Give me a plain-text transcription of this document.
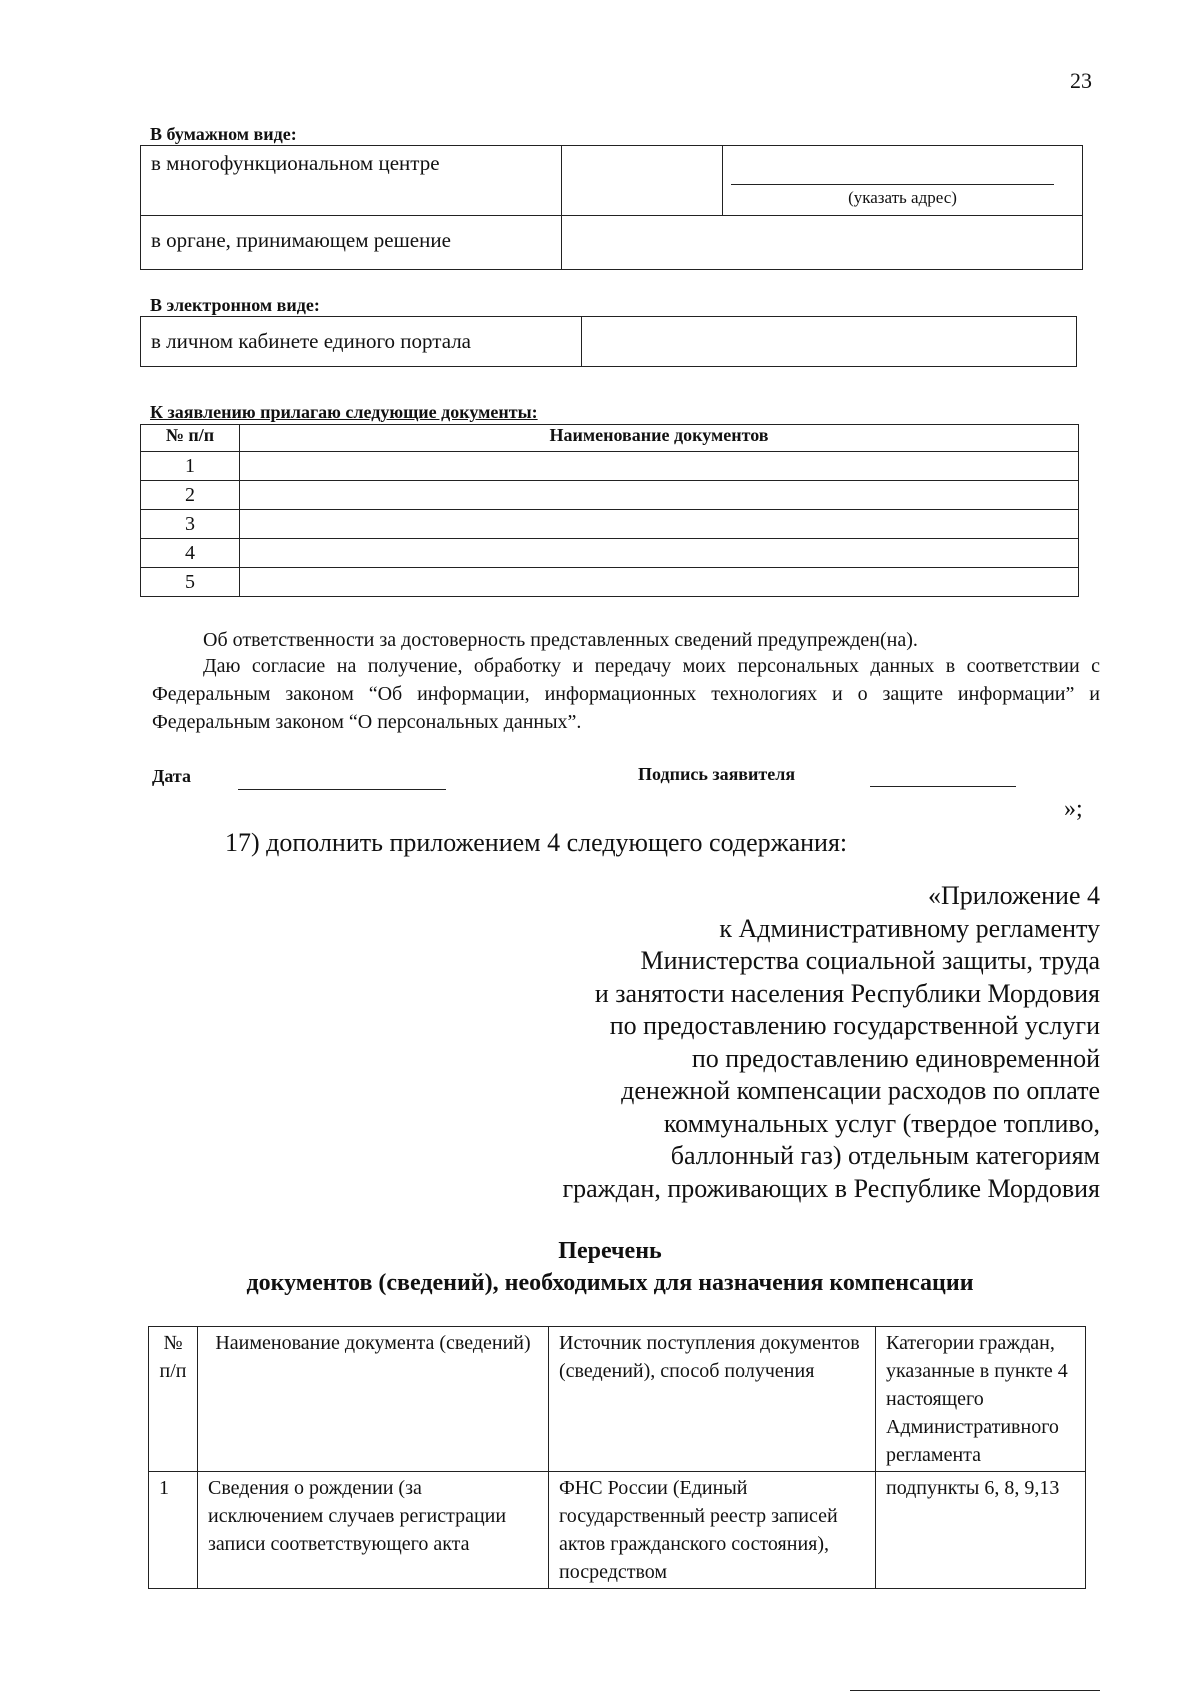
23
В бумажном виде:
в многофункциональном центре		(указать адрес)

в органе, принимающем решение		
В электронном виде:
в личном кабинете единого портала	
К заявлению прилагаю следующие документы:
№ п/п	Наименование документов
1	
2	
3	
4	
5	
Об ответственности за достоверность представленных сведений предупрежден(на).
Даю согласие на получение, обработку и передачу моих персональных данных в соответствии с Федеральным законом “Об информации, информационных технологиях и о защите информации” и Федеральным законом “О персональных данных”.
Дата	Подпись заявителя
»;
17) дополнить приложением 4 следующего содержания:
«Приложение 4
к Административному регламенту
Министерства социальной защиты, труда
и занятости населения Республики Мордовия
по предоставлению государственной услуги
по предоставлению единовременной
денежной компенсации расходов по оплате
коммунальных услуг (твердое топливо,
баллонный газ) отдельным категориям
граждан, проживающих в Республике Мордовия
Перечень
документов (сведений), необходимых для назначения компенсации
№ п/п	Наименование документа (сведений)	Источник поступления документов (сведений), способ получения	Категории граждан, указанные в пункте 4 настоящего Административного регламента
1	Сведения о рождении (за исключением случаев регистрации записи соответствующего акта	ФНС России (Единый государственный реестр записей актов гражданского состояния), посредством	подпункты 6, 8, 9,13
